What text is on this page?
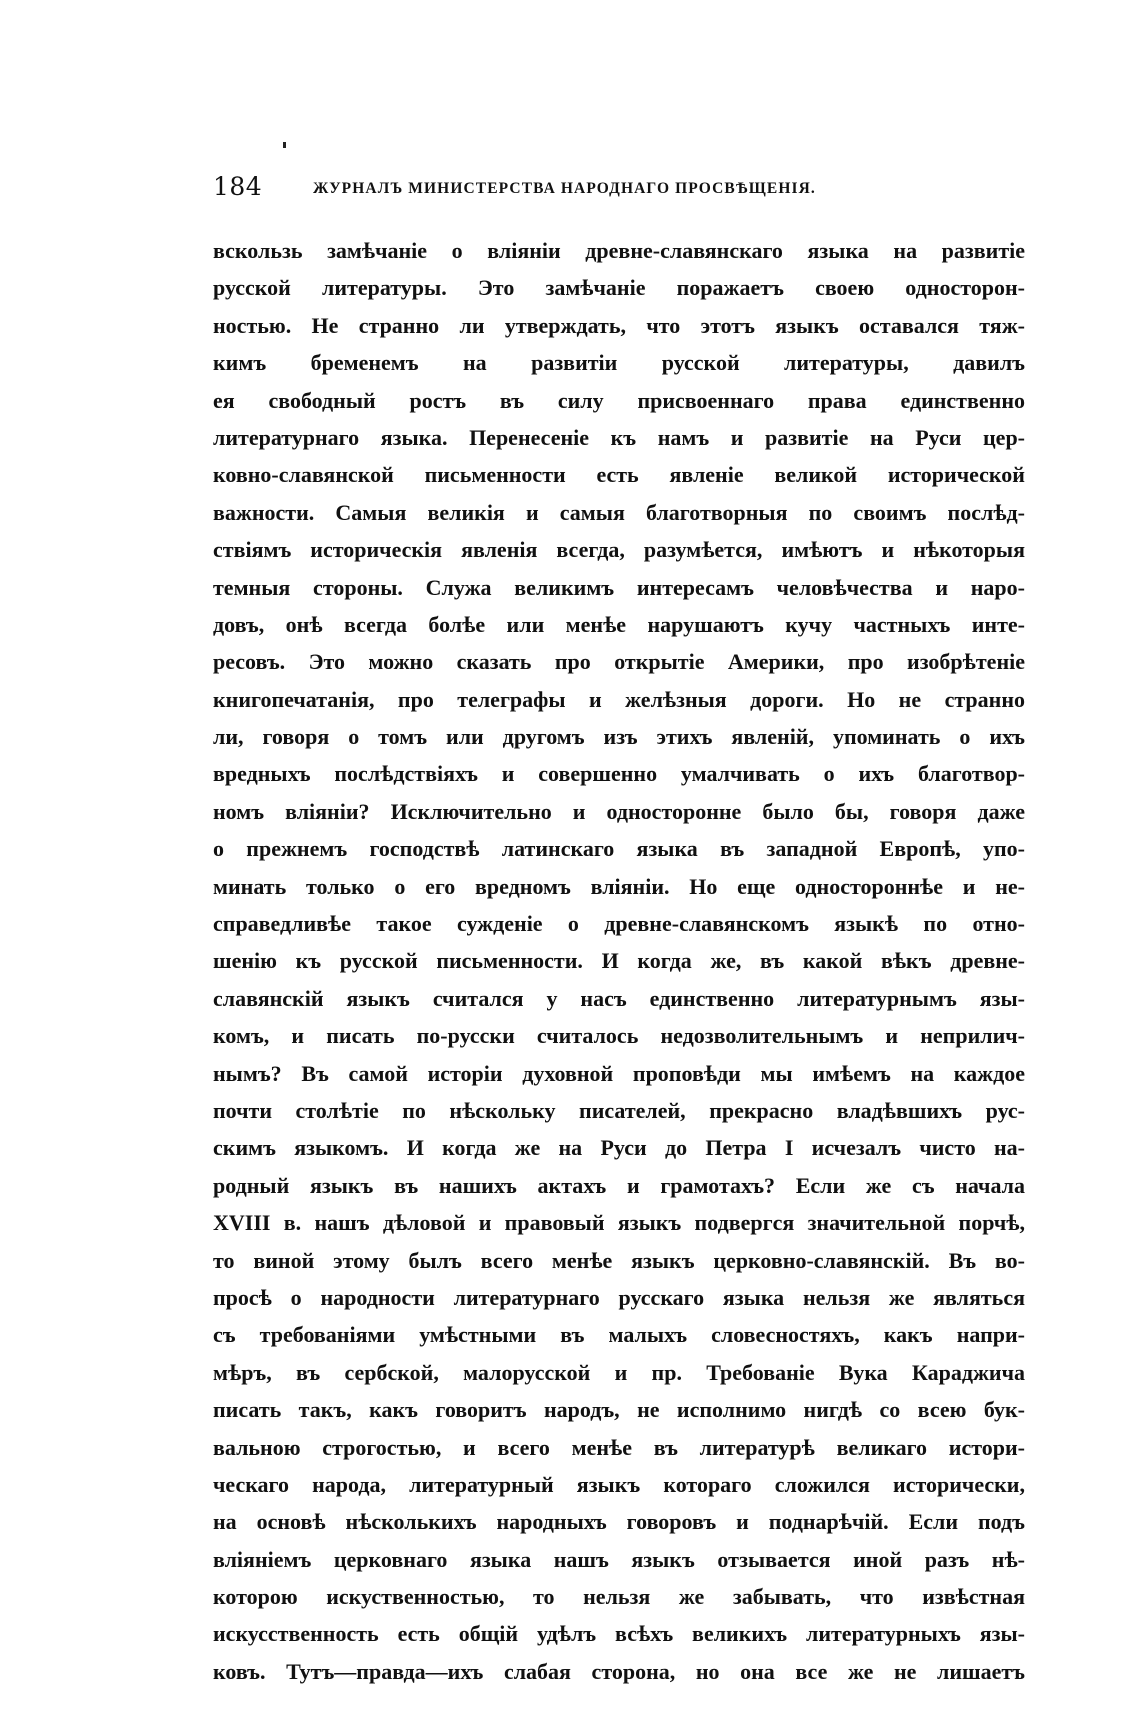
184	ЖУРНАЛЪ МИНИСТЕРСТВА НАРОДНАГО ПРОСВѢЩЕНІЯ.
вскользь замѣчаніе о вліяніи древне-славянскаго языка на развитіе
русской литературы. Это замѣчаніе поражаетъ своею односторон-
ностью. Не странно ли утверждать, что этотъ языкъ оставался тяж-
кимъ бременемъ на развитіи русской литературы, давилъ
ея свободный ростъ въ силу присвоеннаго права единственно
литературнаго языка. Перенесеніе къ намъ и развитіе на Руси цер-
ковно-славянской письменности есть явленіе великой исторической
важности. Самыя великія и самыя благотворныя по своимъ послѣд-
ствіямъ историческія явленія всегда, разумѣется, имѣютъ и нѣкоторыя
темныя стороны. Служа великимъ интересамъ человѣчества и наро-
довъ, онѣ всегда болѣе или менѣе нарушаютъ кучу частныхъ инте-
ресовъ. Это можно сказать про открытіе Америки, про изобрѣтеніе
книгопечатанія, про телеграфы и желѣзныя дороги. Но не странно
ли, говоря о томъ или другомъ изъ этихъ явленій, упоминать о ихъ
вредныхъ послѣдствіяхъ и совершенно умалчивать о ихъ благотвор-
номъ вліяніи? Исключительно и односторонне было бы, говоря даже
о прежнемъ господствѣ латинскаго языка въ западной Европѣ, упо-
минать только о его вредномъ вліяніи. Но еще одностороннѣе и не-
справедливѣе такое сужденіе о древне-славянскомъ языкѣ по отно-
шенію къ русской письменности. И когда же, въ какой вѣкъ древне-
славянскій языкъ считался у насъ единственно литературнымъ язы-
комъ, и писать по-русски считалось недозволительнымъ и неприлич-
нымъ? Въ самой исторіи духовной проповѣди мы имѣемъ на каждое
почти столѣтіе по нѣскольку писателей, прекрасно владѣвшихъ рус-
скимъ языкомъ. И когда же на Руси до Петра I исчезалъ чисто на-
родный языкъ въ нашихъ актахъ и грамотахъ? Если же съ начала
XVIII в. нашъ дѣловой и правовый языкъ подвергся значительной порчѣ,
то виной этому былъ всего менѣе языкъ церковно-славянскій. Въ во-
просѣ о народности литературнаго русскаго языка нельзя же являться
съ требованіями умѣстными въ малыхъ словесностяхъ, какъ напри-
мѣръ, въ сербской, малорусской и пр. Требованіе Вука Караджича
писать такъ, какъ говоритъ народъ, не исполнимо нигдѣ со всею бук-
вальною строгостью, и всего менѣе въ литературѣ великаго истори-
ческаго народа, литературный языкъ котораго сложился исторически,
на основѣ нѣсколькихъ народныхъ говоровъ и поднарѣчій. Если подъ
вліяніемъ церковнаго языка нашъ языкъ отзывается иной разъ нѣ-
которою искуственностью, то нельзя же забывать, что извѣстная
искусственность есть общій удѣлъ всѣхъ великихъ литературныхъ язы-
ковъ. Тутъ—правда—ихъ слабая сторона, но она все же не лишаетъ
